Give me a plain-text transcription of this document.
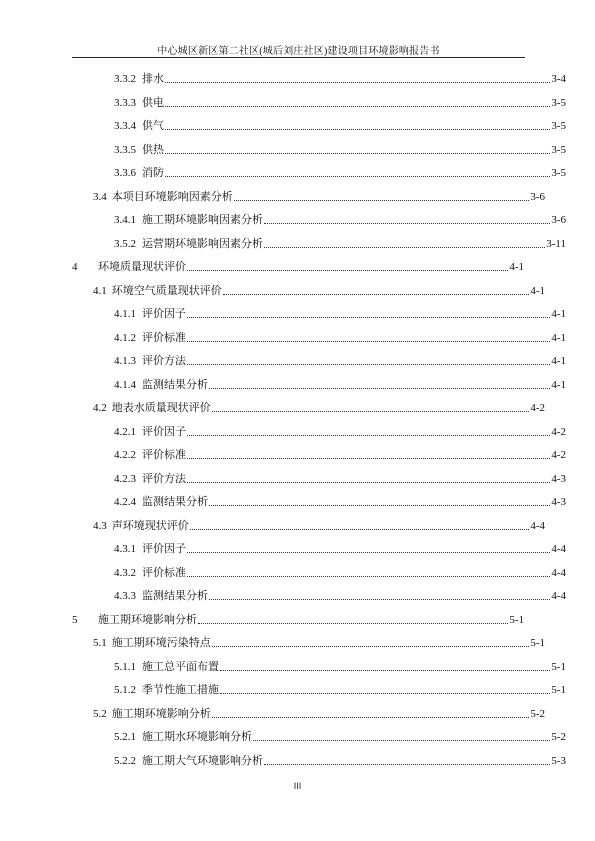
中心城区新区第二社区(城后刘庄社区)建设项目环境影响报告书
3.3.2 排水	3-4
3.3.3 供电	3-5
3.3.4 供气	3-5
3.3.5 供热	3-5
3.3.6 消防	3-5
3.4 本项目环境影响因素分析	3-6
3.4.1 施工期环境影响因素分析	3-6
3.5.2 运营期环境影响因素分析	3-11
4	环境质量现状评价	4-1
4.1 环境空气质量现状评价	4-1
4.1.1 评价因子	4-1
4.1.2 评价标准	4-1
4.1.3 评价方法	4-1
4.1.4 监测结果分析	4-1
4.2 地表水质量现状评价	4-2
4.2.1 评价因子	4-2
4.2.2 评价标准	4-2
4.2.3 评价方法	4-3
4.2.4 监测结果分析	4-3
4.3 声环境现状评价	4-4
4.3.1 评价因子	4-4
4.3.2 评价标准	4-4
4.3.3 监测结果分析	4-4
5	施工期环境影响分析	5-1
5.1 施工期环境污染特点	5-1
5.1.1 施工总平面布置	5-1
5.1.2 季节性施工措施	5-1
5.2 施工期环境影响分析	5-2
5.2.1 施工期水环境影响分析	5-2
5.2.2 施工期大气环境影响分析	5-3
III
